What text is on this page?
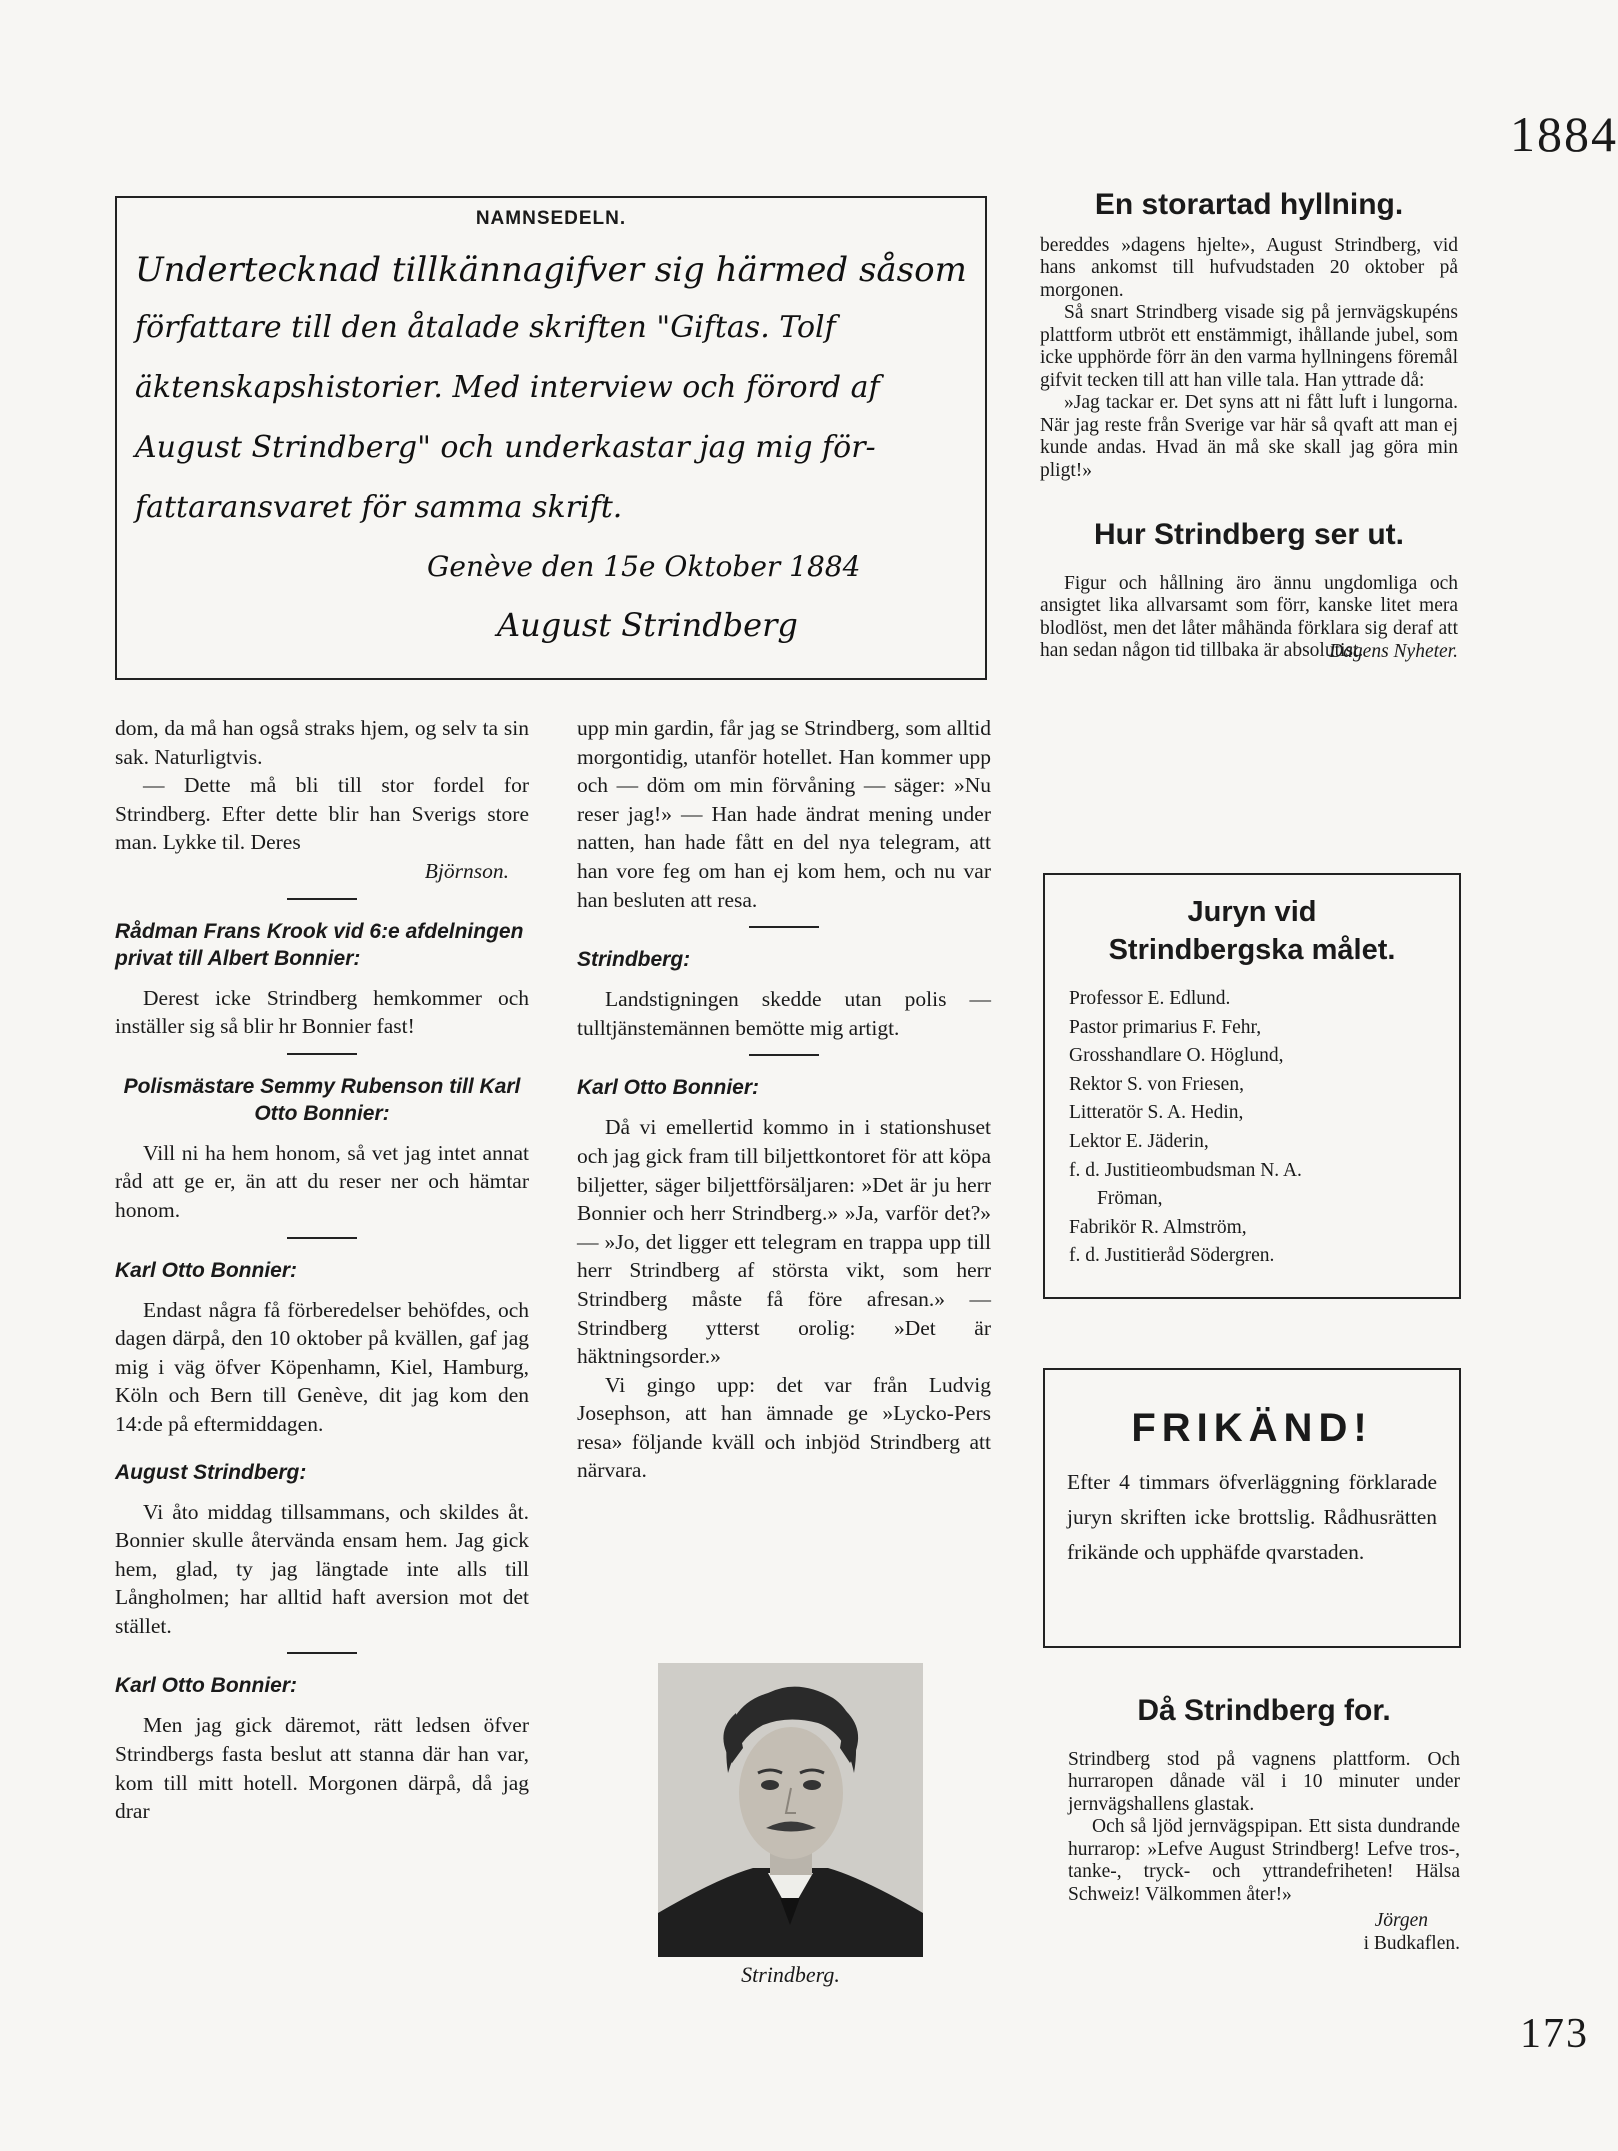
1884
173
NAMNSEDELN.
Undertecknad tillkännagifver sig härmed såsom
författare till den åtalade skriften "Giftas. Tolf
äktenskapshistorier. Med interview och förord af
August Strindberg" och underkastar jag mig för-
fattaransvaret för samma skrift.
Genève den 15e Oktober 1884
August Strindberg

dom, da må han også straks hjem, og selv ta sin sak. Naturligtvis.

— Dette må bli till stor fordel for Strindberg. Efter dette blir han Sverigs store man. Lykke til. Deres

Björnson.
Rådman Frans Krook vid 6:e afdelningen privat till Albert Bonnier:

Derest icke Strindberg hemkommer och inställer sig så blir hr Bonnier fast!

Polismästare Semmy Rubenson till Karl Otto Bonnier:

Vill ni ha hem honom, så vet jag intet annat råd att ge er, än att du reser ner och hämtar honom.

Karl Otto Bonnier:

Endast några få förberedelser behöfdes, och dagen därpå, den 10 oktober på kvällen, gaf jag mig i väg öfver Köpenhamn, Kiel, Hamburg, Köln och Bern till Genève, dit jag kom den 14:de på eftermiddagen.

August Strindberg:

Vi åto middag tillsammans, och skildes åt. Bonnier skulle återvända ensam hem. Jag gick hem, glad, ty jag längtade inte alls till Långholmen; har alltid haft aversion mot det stället.

Karl Otto Bonnier:

Men jag gick däremot, rätt ledsen öfver Strindbergs fasta beslut att stanna där han var, kom till mitt hotell. Morgonen därpå, då jag drar

upp min gardin, får jag se Strindberg, som alltid morgontidig, utanför hotellet. Han kommer upp och — döm om min förvåning — säger: »Nu reser jag!» — Han hade ändrat mening under natten, han hade fått en del nya telegram, att han vore feg om han ej kom hem, och nu var han besluten att resa.

Strindberg:

Landstigningen skedde utan polis — tulltjänstemännen bemötte mig artigt.

Karl Otto Bonnier:

Då vi emellertid kommo in i stationshuset och jag gick fram till biljettkontoret för att köpa biljetter, säger biljettförsäljaren: »Det är ju herr Bonnier och herr Strindberg.» »Ja, varför det?» — »Jo, det ligger ett telegram en trappa upp till herr Strindberg af största vikt, som herr Strindberg måste få före afresan.» — Strindberg ytterst orolig: »Det är häktningsorder.»

Vi gingo upp: det var från Ludvig Josephson, att han ämnade ge »Lycko-Pers resa» följande kväll och inbjöd Strindberg att närvara.

Strindberg.
En storartad hyllning.

bereddes »dagens hjelte», August Strindberg, vid hans ankomst till hufvudstaden 20 oktober på morgonen.

Så snart Strindberg visade sig på jernvägskupéns plattform utbröt ett enstämmigt, ihållande jubel, som icke upphörde förr än den varma hyllningens föremål gifvit tecken till att han ville tala. Han yttrade då:

»Jag tackar er. Det syns att ni fått luft i lungorna. När jag reste från Sverige var här så qvaft att man ej kunde andas. Hvad än må ske skall jag göra min pligt!»

Hur Strindberg ser ut.

Figur och hållning äro ännu ungdomliga och ansigtet lika allvarsamt som förr, kanske litet mera blodlöst, men det låter måhända förklara sig deraf att han sedan någon tid tillbaka är absolutist.

Dagens Nyheter.
Juryn vid
Strindbergska målet.
Professor E. Edlund.
Pastor primarius F. Fehr,
Grosshandlare O. Höglund,
Rektor S. von Friesen,
Litteratör S. A. Hedin,
Lektor E. Jäderin,
f. d. Justitieombudsman N. A.
Fröman,
Fabrikör R. Almström,
f. d. Justitieråd Södergren.
FRIKÄND!
Efter 4 timmars öfverläggning förklarade juryn skriften icke brottslig. Rådhusrätten frikände och upphäfde qvarstaden.
Då Strindberg for.

Strindberg stod på vagnens plattform. Och hurraropen dånade väl i 10 minuter under jernvägshallens glastak.

Och så ljöd jernvägspipan. Ett sista dundrande hurrarop: »Lefve August Strindberg! Lefve tros-, tanke-, tryck- och yttrandefriheten! Hälsa Schweiz! Välkommen åter!»

Jörgen
i Budkaflen.
